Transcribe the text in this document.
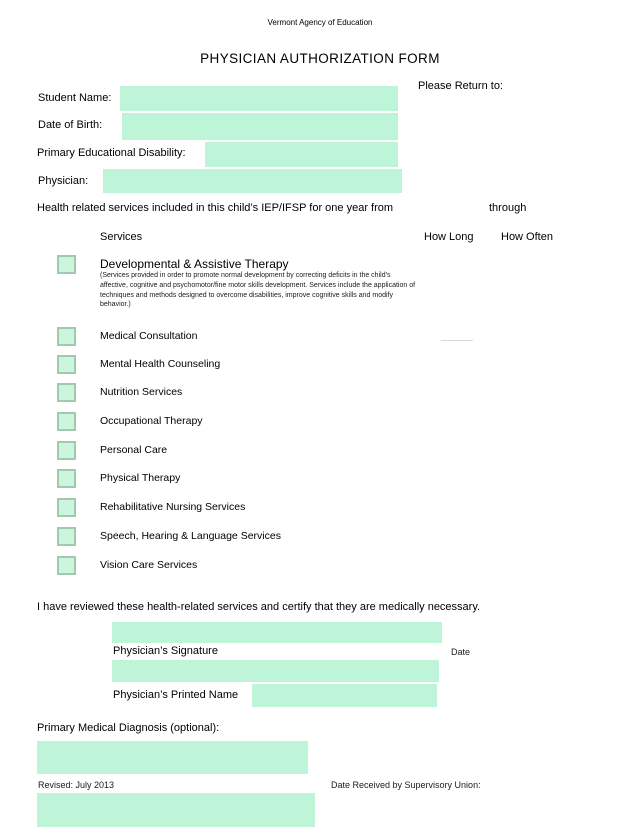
Vermont Agency of Education
PHYSICIAN AUTHORIZATION FORM
Please Return to:
Student Name:
Date of Birth:
Primary Educational Disability:
Physician:
Health related services included in this child’s IEP/IFSP for one year from	through
Services	How Long How Often
Developmental & Assistive Therapy
(Services provided in order to promote normal development by correcting deficits in the child’s affective, cognitive and psychomotor/fine motor skills development. Services include the application of techniques and methods designed to overcome disabilities, improve cognitive skills and modify behavior.)
Medical Consultation
Mental Health Counseling
Nutrition Services
Occupational Therapy
Personal Care
Physical Therapy
Rehabilitative Nursing Services
Speech, Hearing & Language Services
Vision Care Services
I have reviewed these health-related services and certify that they are medically necessary.
Physician’s Signature	Date
Physician’s Printed Name
Primary Medical Diagnosis (optional):
Revised: July 2013	Date Received by Supervisory Union:
